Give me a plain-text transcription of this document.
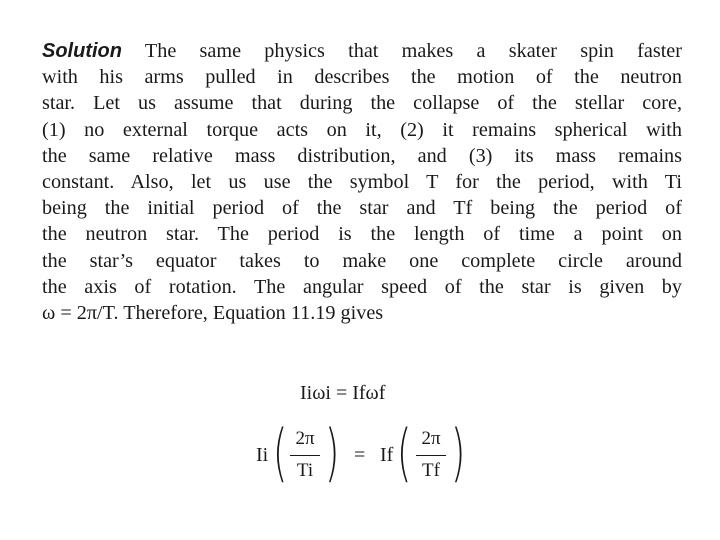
Solution The same physics that makes a skater spin faster
with his arms pulled in describes the motion of the neutron
star. Let us assume that during the collapse of the stellar core,
(1) no external torque acts on it, (2) it remains spherical with
the same relative mass distribution, and (3) its mass remains
constant. Also, let us use the symbol T for the period, with Ti
being the initial period of the star and Tf being the period of
the neutron star. The period is the length of time a point on
the star’s equator takes to make one complete circle around
the axis of rotation. The angular speed of the star is given by
ω = 2π/T. Therefore, Equation 11.19 gives
Iiωi = Ifωf
Ii ( 2π
Ti ) = If ( 2π
Tf )
